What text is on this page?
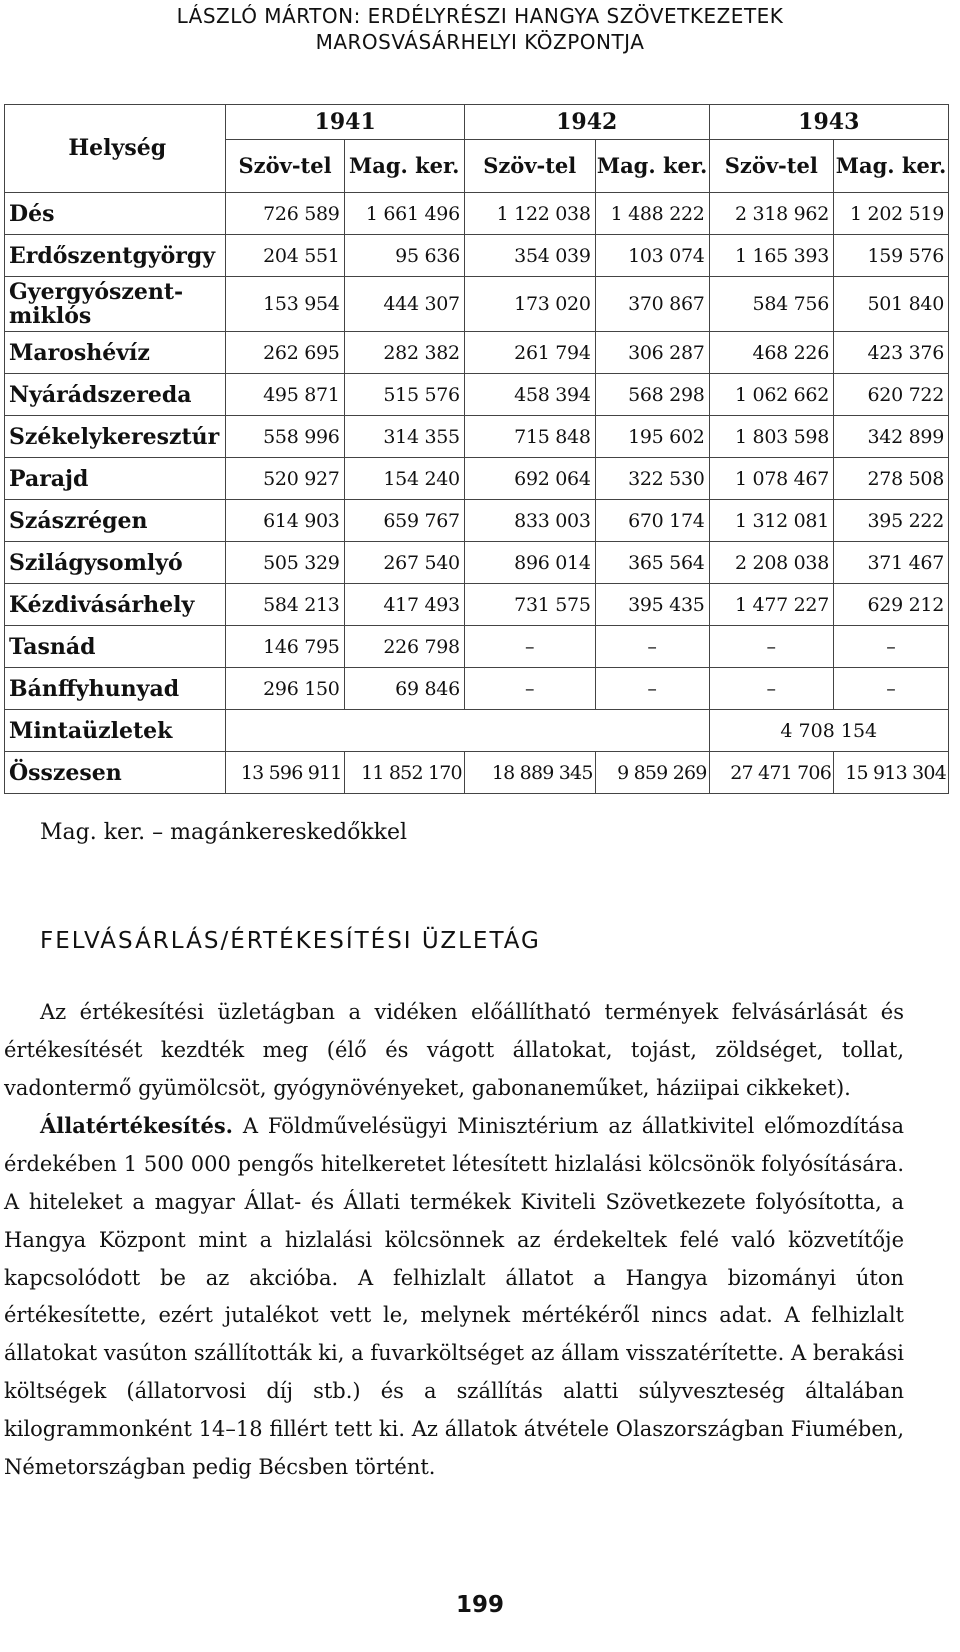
LÁSZLÓ MÁRTON: ERDÉLYRÉSZI HANGYA SZÖVETKEZETEK
MAROSVÁSÁRHELYI KÖZPONTJA
Helység	1941		1942		1943	
	Szöv-tel	Mag. ker.	Szöv-tel	Mag. ker.	Szöv-tel	Mag. ker.
Dés	726 589	1 661 496	1 122 038	1 488 222	2 318 962	1 202 519
Erdőszentgyörgy	204 551	95 636	354 039	103 074	1 165 393	159 576
Gyergyószent-miklós	153 954	444 307	173 020	370 867	584 756	501 840
Maroshévíz	262 695	282 382	261 794	306 287	468 226	423 376
Nyárádszereda	495 871	515 576	458 394	568 298	1 062 662	620 722
Székelykeresztúr	558 996	314 355	715 848	195 602	1 803 598	342 899
Parajd	520 927	154 240	692 064	322 530	1 078 467	278 508
Szászrégen	614 903	659 767	833 003	670 174	1 312 081	395 222
Szilágysomlyó	505 329	267 540	896 014	365 564	2 208 038	371 467
Kézdivásárhely	584 213	417 493	731 575	395 435	1 477 227	629 212
Tasnád	146 795	226 798	–	–	–	–
Bánffyhunyad	296 150	69 846	–	–	–	–
Mintaüzletek					4 708 154	
Összesen	13 596 911	11 852 170	18 889 345	9 859 269	27 471 706	15 913 304
Mag. ker. – magánkereskedőkkel
FELVÁSÁRLÁS/ÉRTÉKESÍTÉSI ÜZLETÁG

Az értékesítési üzletágban a vidéken előállítható termények felvásárlását és értékesítését kezdték meg (élő és vágott állatokat, tojást, zöldséget, tollat, vadontermő gyümölcsöt, gyógynövényeket, gabonaneműket, háziipai cikkeket).

Állatértékesítés. A Földművelésügyi Minisztérium az állatkivitel előmozdítása érdekében 1 500 000 pengős hitelkeretet létesített hizlalási kölcsönök folyósítására. A hiteleket a magyar Állat- és Állati termékek Kiviteli Szövetkezete folyósította, a Hangya Központ mint a hizlalási kölcsönnek az érdekeltek felé való közvetítője kapcsolódott be az akcióba. A felhizlalt állatot a Hangya bizományi úton értékesítette, ezért jutalékot vett le, melynek mértékéről nincs adat. A felhizlalt állatokat vasúton szállították ki, a fuvarköltséget az állam visszatérítette. A berakási költségek (állatorvosi díj stb.) és a szállítás alatti súlyveszteség általában kilogrammonként 14–18 fillért tett ki. Az állatok átvétele Olaszországban Fiumében, Németországban pedig Bécsben történt.

199
